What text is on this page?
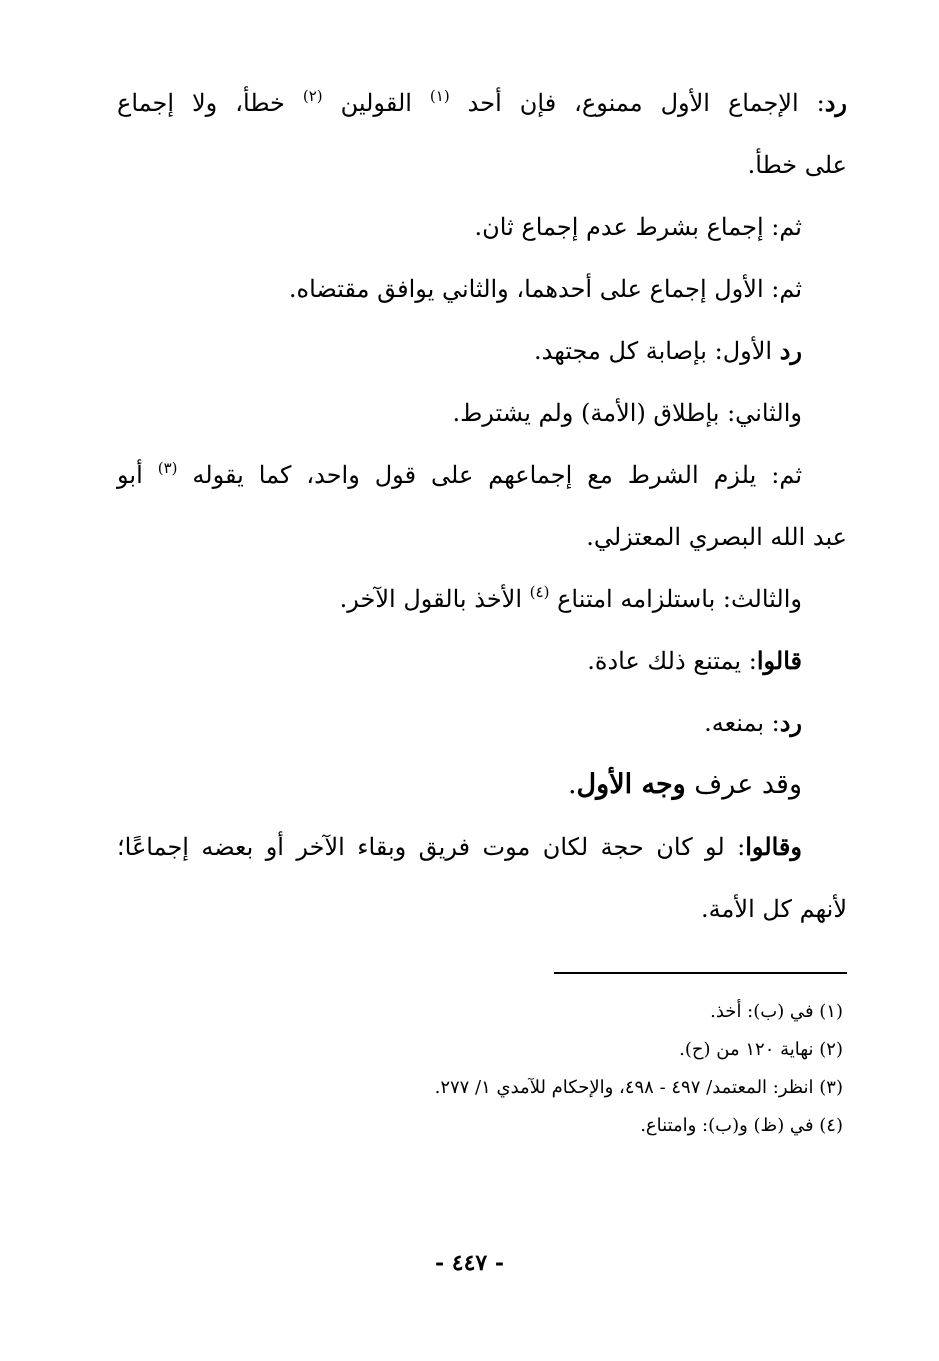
رد: الإجماع الأول ممنوع، فإن أحد $^{(١)}$ القولين $^{(٢)}$ خطأ، ولا إجماع
على خطأ.
ثم: إجماع بشرط عدم إجماع ثان.
ثم: الأول إجماع على أحدهما، والثاني يوافق مقتضاه.
رد الأول: بإصابة كل مجتهد.
والثاني: بإطلاق (الأمة) ولم يشترط.
ثم: يلزم الشرط مع إجماعهم على قول واحد، كما يقوله $^{(٣)}$ أبو
عبد الله البصري المعتزلي.
والثالث: باستلزامه امتناع $^{(٤)}$ الأخذ بالقول الآخر.
قالوا: يمتنع ذلك عادة.
رد: بمنعه.
وقد عرف وجه الأول.
وقالوا: لو كان حجة لكان موت فريق وبقاء الآخر أو بعضه إجماعًا؛
لأنهم كل الأمة.
(١) في (ب): أخذ.
(٢) نهاية ١٢٠ من (ح).
(٣) انظر: المعتمد/ ٤٩٧ - ٤٩٨، والإحكام للآمدي ١/ ٢٧٧.
(٤) في (ظ) و(ب): وامتناع.
- ٤٤٧ -
